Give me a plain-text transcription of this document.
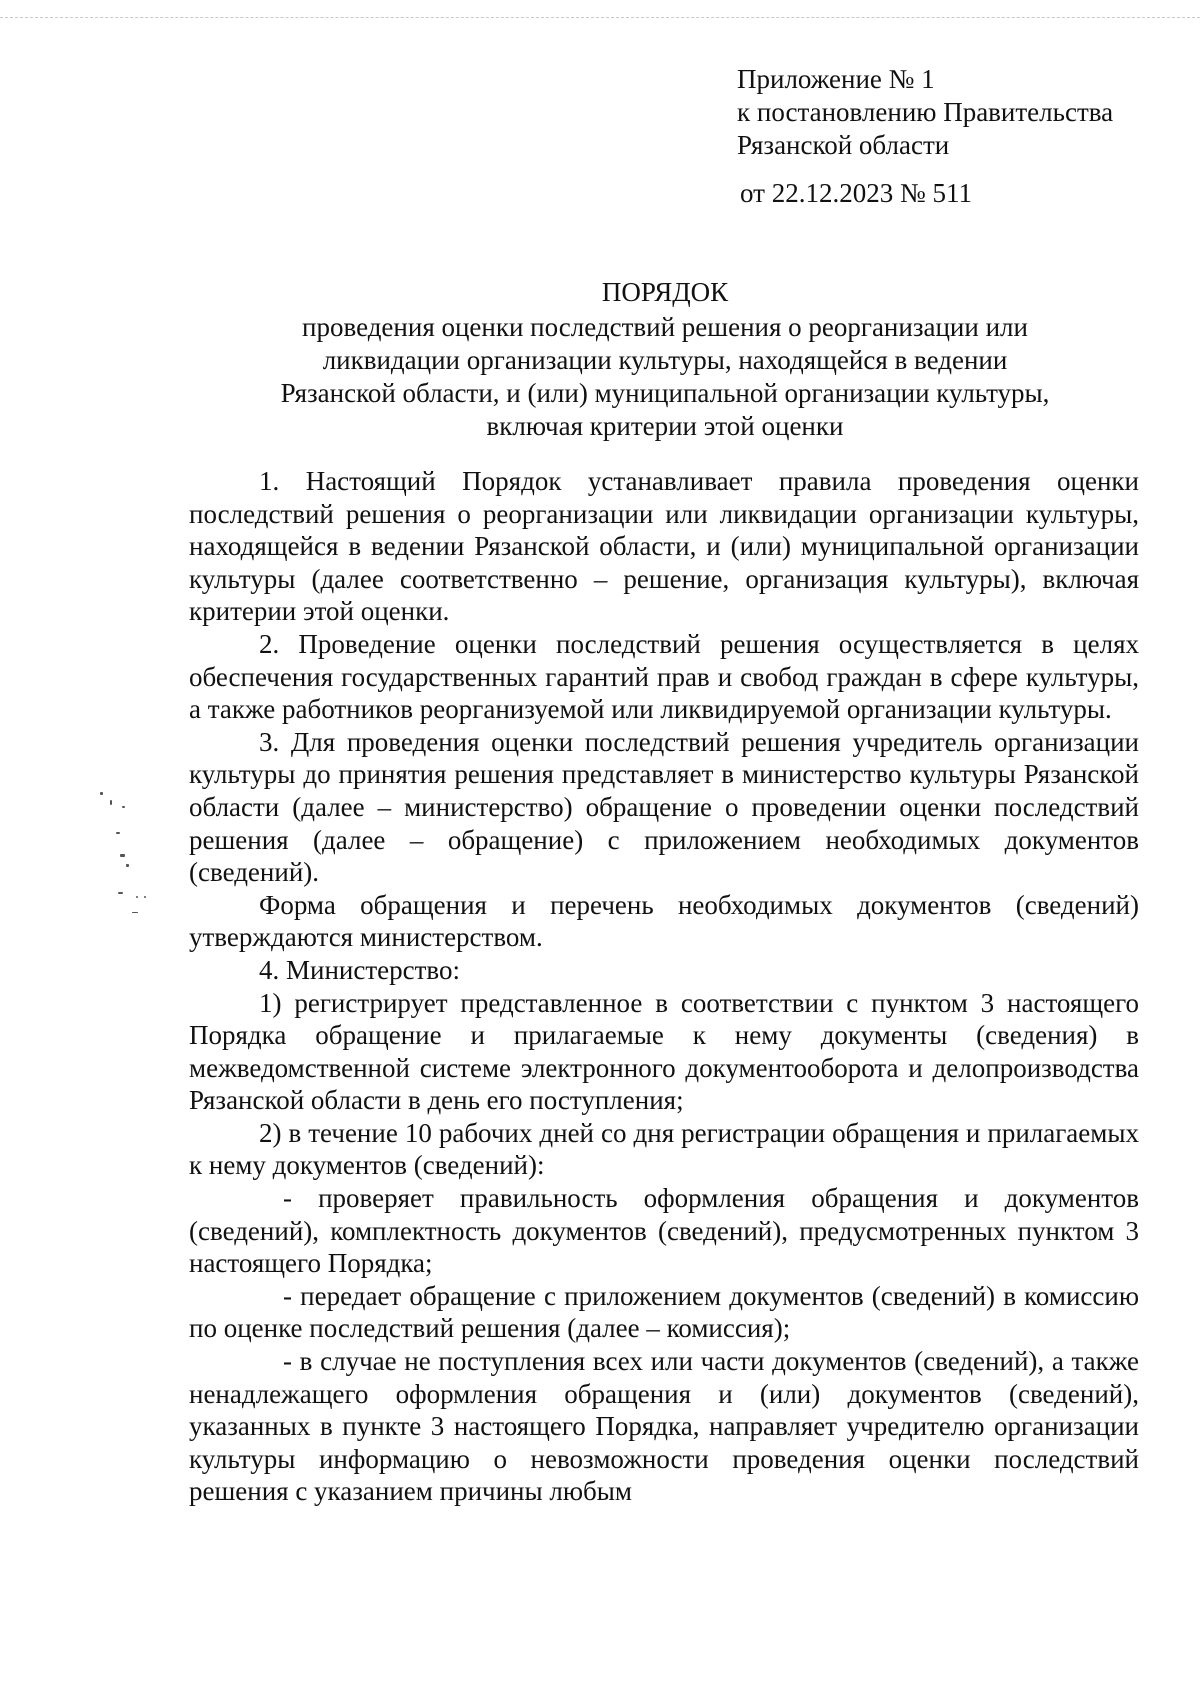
Приложение № 1
к постановлению Правительства
Рязанской области
от 22.12.2023 № 511
ПОРЯДОК
проведения оценки последствий решения о реорганизации или ликвидации организации культуры, находящейся в ведении Рязанской области, и (или) муниципальной организации культуры, включая критерии этой оценки

1. Настоящий Порядок устанавливает правила проведения оценки последствий решения о реорганизации или ликвидации организации культуры, находящейся в ведении Рязанской области, и (или) муниципальной организации культуры (далее соответственно – решение, организация культуры), включая критерии этой оценки.

2. Проведение оценки последствий решения осуществляется в целях обеспечения государственных гарантий прав и свобод граждан в сфере культуры, а также работников реорганизуемой или ликвидируемой организации культуры.

3. Для проведения оценки последствий решения учредитель организации культуры до принятия решения представляет в министерство культуры Рязанской области (далее – министерство) обращение о проведении оценки последствий решения (далее – обращение) с приложением необходимых документов (сведений).

Форма обращения и перечень необходимых документов (сведений) утверждаются министерством.

4. Министерство:

1) регистрирует представленное в соответствии с пунктом 3 настоящего Порядка обращение и прилагаемые к нему документы (сведения) в межведомственной системе электронного документооборота и делопроизводства Рязанской области в день его поступления;

2) в течение 10 рабочих дней со дня регистрации обращения и прилагаемых к нему документов (сведений):

- проверяет правильность оформления обращения и документов (сведений), комплектность документов (сведений), предусмотренных пунктом 3 настоящего Порядка;

- передает обращение с приложением документов (сведений) в комиссию по оценке последствий решения (далее – комиссия);

- в случае не поступления всех или части документов (сведений), а также ненадлежащего оформления обращения и (или) документов (сведений), указанных в пункте 3 настоящего Порядка, направляет учредителю организации культуры информацию о невозможности проведения оценки последствий решения с указанием причины любым
